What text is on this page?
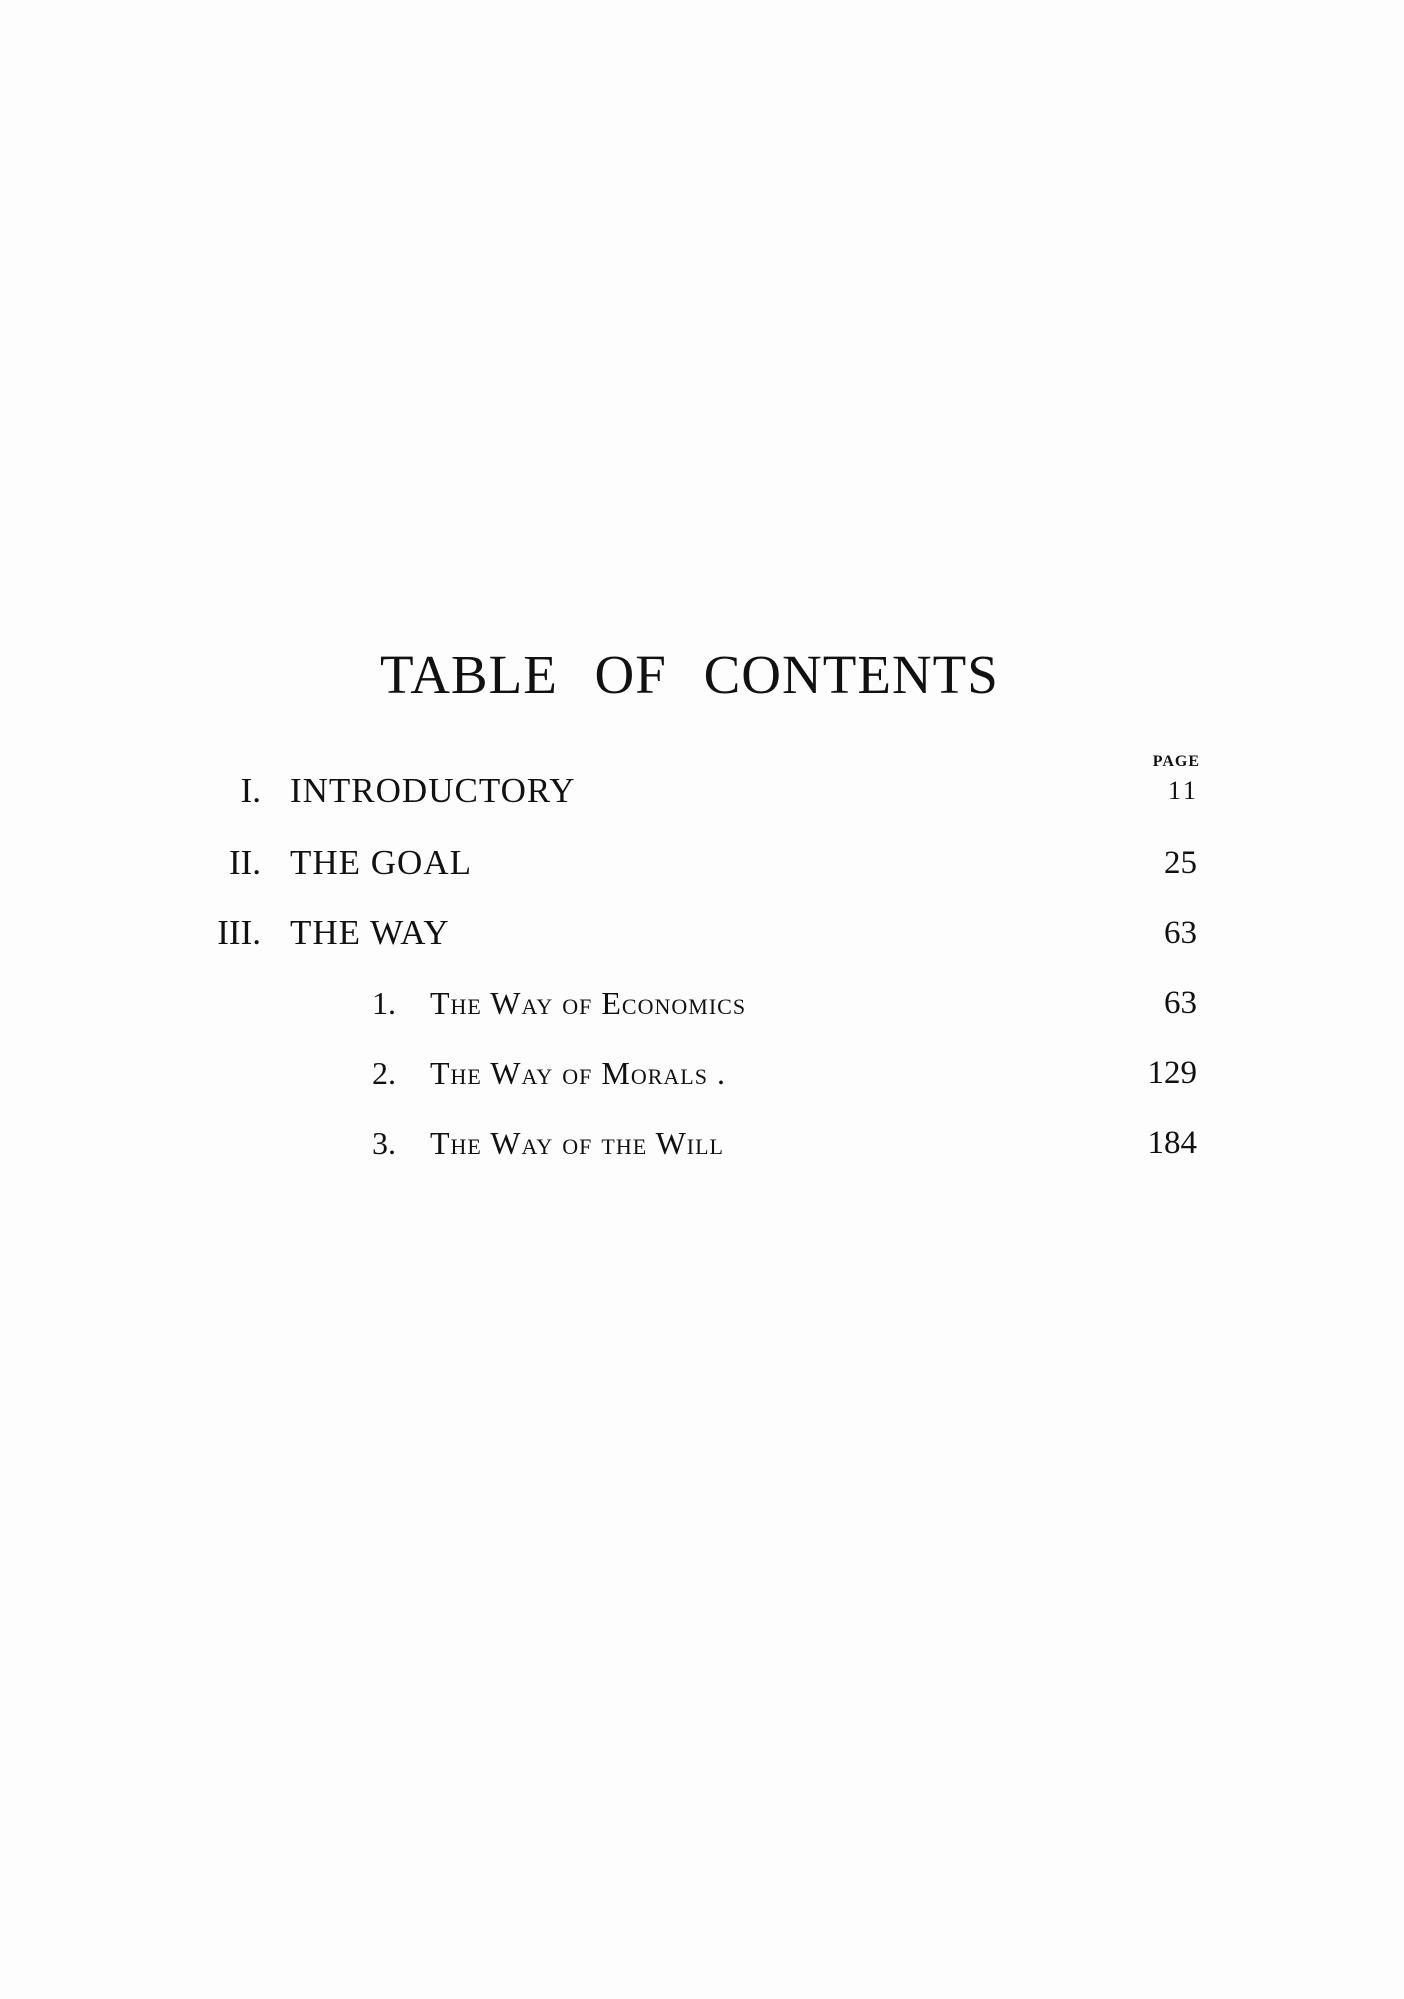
TABLE OF CONTENTS
PAGE
I. INTRODUCTORY	11
II. THE GOAL	25
III. THE WAY	63
1. The Way of Economics	63
2. The Way of Morals .	129
3. The Way of the Will	184
